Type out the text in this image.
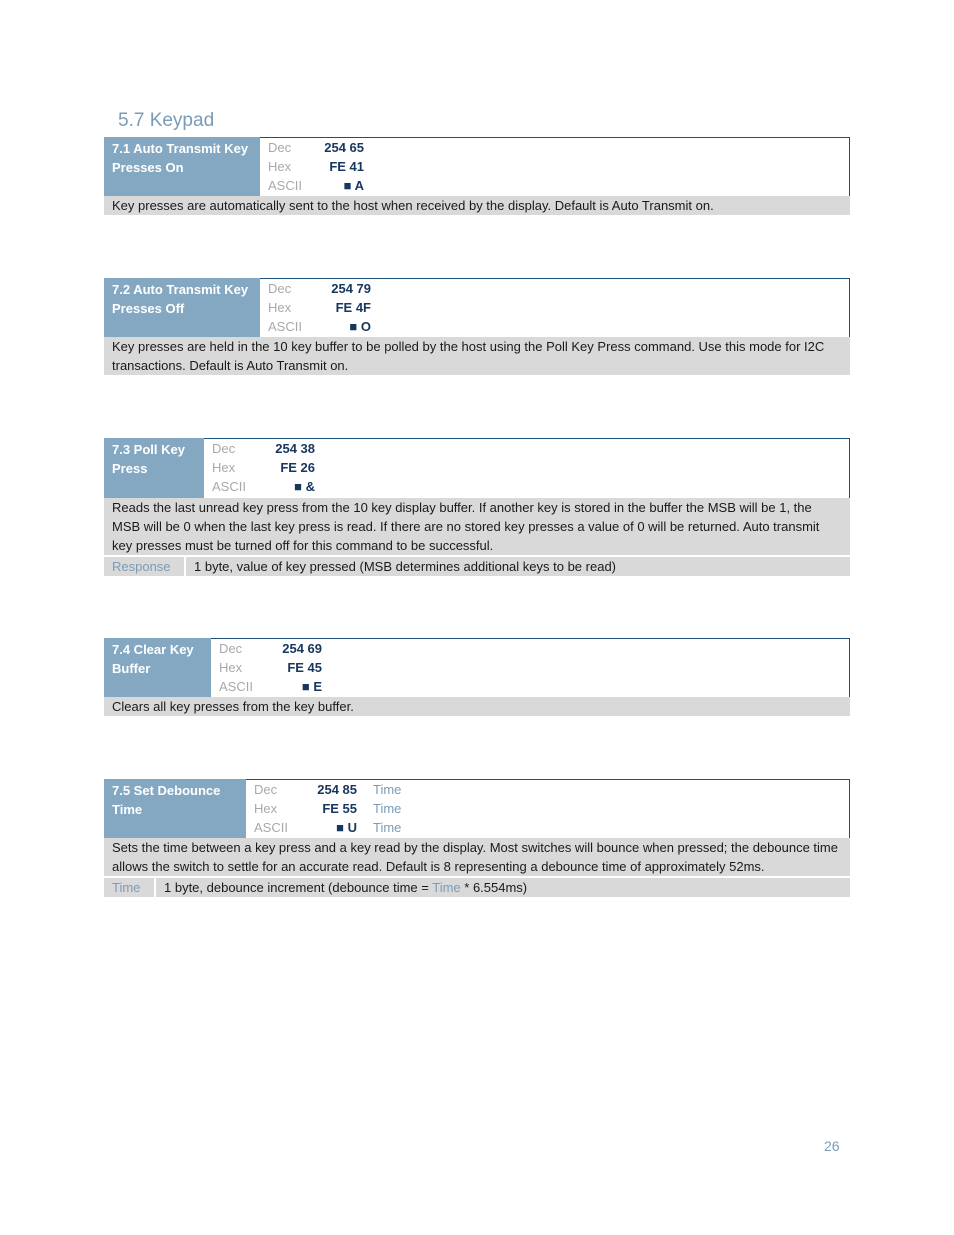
5.7 Keypad
7.1 Auto Transmit Key Presses On
Dec	254 65
Hex	FE 41
ASCII	■ A
Key presses are automatically sent to the host when received by the display. Default is Auto Transmit on.
7.2 Auto Transmit Key Presses Off
Dec	254 79
Hex	FE 4F
ASCII	■ O
Key presses are held in the 10 key buffer to be polled by the host using the Poll Key Press command. Use this mode for I2C transactions. Default is Auto Transmit on.
7.3 Poll Key Press
Dec	254 38
Hex	FE 26
ASCII	■ &
Reads the last unread key press from the 10 key display buffer. If another key is stored in the buffer the MSB will be 1, the MSB will be 0 when the last key press is read. If there are no stored key presses a value of 0 will be returned. Auto transmit key presses must be turned off for this command to be successful.
Response	1 byte, value of key pressed (MSB determines additional keys to be read)
7.4 Clear Key Buffer
Dec	254 69
Hex	FE 45
ASCII	■ E
Clears all key presses from the key buffer.
7.5 Set Debounce Time
Dec	254 85 Time
Hex	FE 55 Time
ASCII	■ U Time
Sets the time between a key press and a key read by the display. Most switches will bounce when pressed; the debounce time allows the switch to settle for an accurate read. Default is 8 representing a debounce time of approximately 52ms.
Time	1 byte, debounce increment (debounce time = Time * 6.554ms)
26
